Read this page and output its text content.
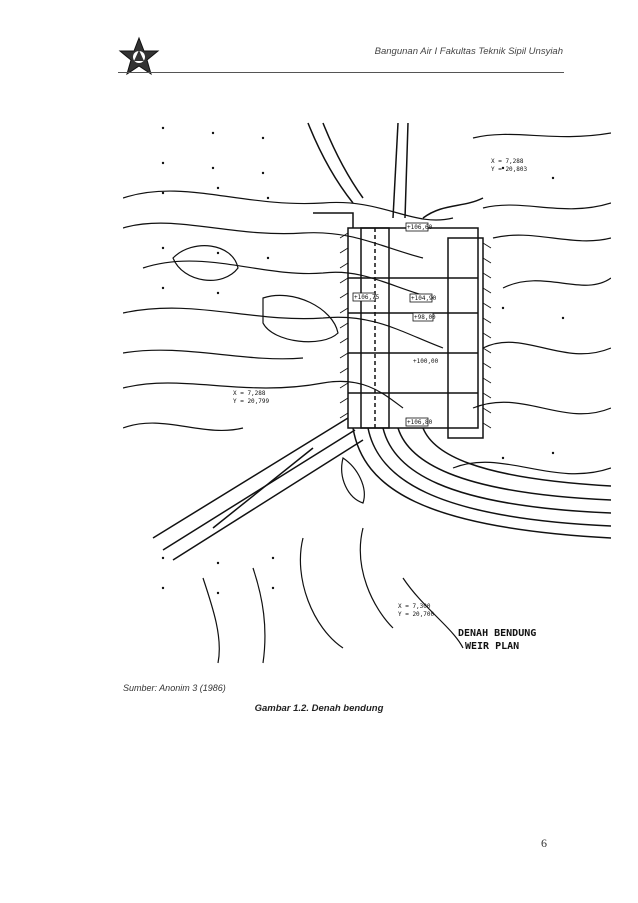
Bangunan Air I Fakultas Teknik Sipil Unsyiah
+106,60
+106,75	+104,90
+98,00
+100,00
+106,80
X = 7,288
Y = 20,803
X = 7,288
Y = 20,799
X = 7,300
Y = 20,700
DENAH BENDUNG
WEIR PLAN
Sumber: Anonim 3 (1986)
Gambar 1.2. Denah bendung
6
